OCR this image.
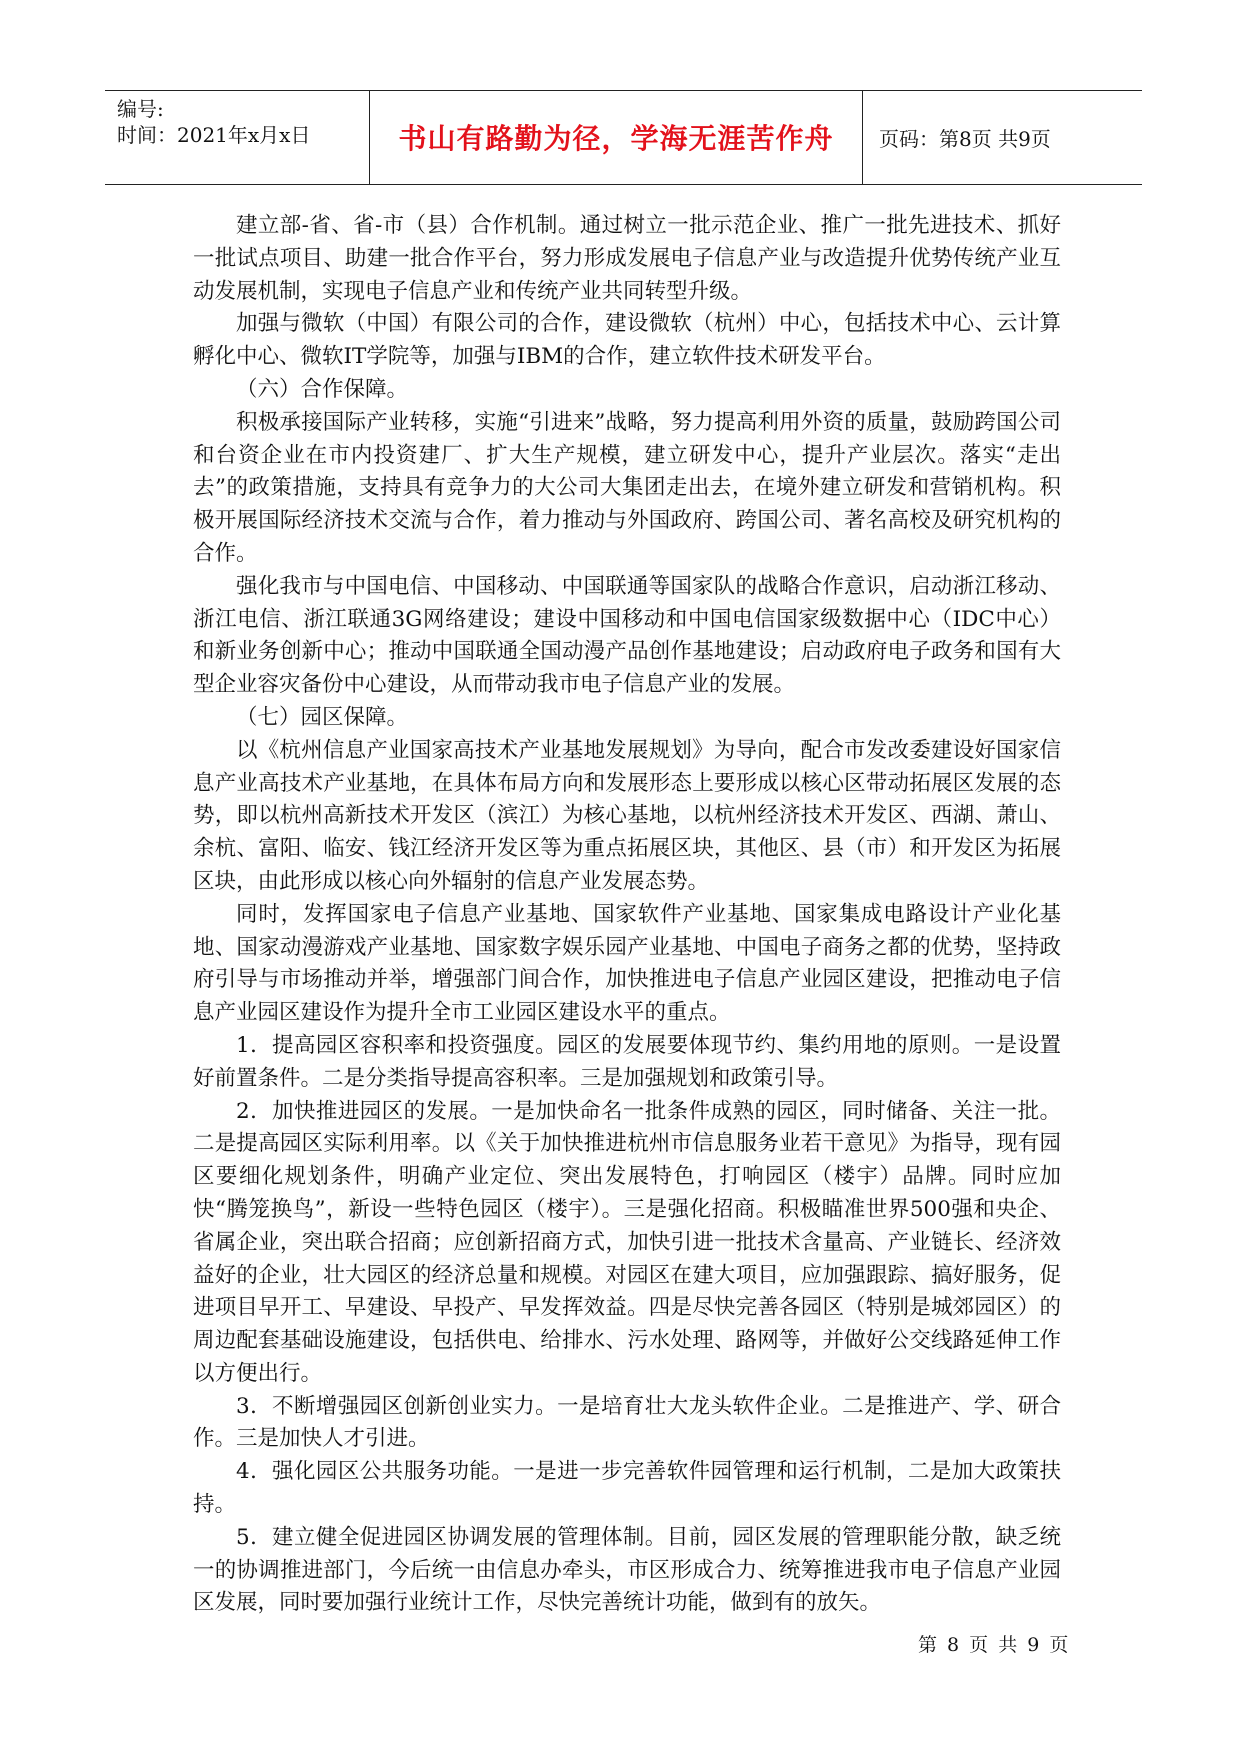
编号:
时间：2021年x月x日	书山有路勤为径，学海无涯苦作舟	页码：第8页 共9页

建立部-省、省-市（县）合作机制。通过树立一批示范企业、推广一批先进技术、抓好一批试点项目、助建一批合作平台，努力形成发展电子信息产业与改造提升优势传统产业互动发展机制，实现电子信息产业和传统产业共同转型升级。

加强与微软（中国）有限公司的合作，建设微软（杭州）中心，包括技术中心、云计算孵化中心、微软IT学院等，加强与IBM的合作，建立软件技术研发平台。

（六）合作保障。

积极承接国际产业转移，实施“引进来”战略，努力提高利用外资的质量，鼓励跨国公司和台资企业在市内投资建厂、扩大生产规模，建立研发中心，提升产业层次。落实“走出去”的政策措施，支持具有竞争力的大公司大集团走出去，在境外建立研发和营销机构。积极开展国际经济技术交流与合作，着力推动与外国政府、跨国公司、著名高校及研究机构的合作。

强化我市与中国电信、中国移动、中国联通等国家队的战略合作意识，启动浙江移动、浙江电信、浙江联通3G网络建设；建设中国移动和中国电信国家级数据中心（IDC中心）和新业务创新中心；推动中国联通全国动漫产品创作基地建设；启动政府电子政务和国有大型企业容灾备份中心建设，从而带动我市电子信息产业的发展。

（七）园区保障。

以《杭州信息产业国家高技术产业基地发展规划》为导向，配合市发改委建设好国家信息产业高技术产业基地，在具体布局方向和发展形态上要形成以核心区带动拓展区发展的态势，即以杭州高新技术开发区（滨江）为核心基地，以杭州经济技术开发区、西湖、萧山、余杭、富阳、临安、钱江经济开发区等为重点拓展区块，其他区、县（市）和开发区为拓展区块，由此形成以核心向外辐射的信息产业发展态势。

同时，发挥国家电子信息产业基地、国家软件产业基地、国家集成电路设计产业化基地、国家动漫游戏产业基地、国家数字娱乐园产业基地、中国电子商务之都的优势，坚持政府引导与市场推动并举，增强部门间合作，加快推进电子信息产业园区建设，把推动电子信息产业园区建设作为提升全市工业园区建设水平的重点。

1．提高园区容积率和投资强度。园区的发展要体现节约、集约用地的原则。一是设置好前置条件。二是分类指导提高容积率。三是加强规划和政策引导。

2．加快推进园区的发展。一是加快命名一批条件成熟的园区，同时储备、关注一批。二是提高园区实际利用率。以《关于加快推进杭州市信息服务业若干意见》为指导，现有园区要细化规划条件，明确产业定位、突出发展特色，打响园区（楼宇）品牌。同时应加快“腾笼换鸟”，新设一些特色园区（楼宇）。三是强化招商。积极瞄准世界500强和央企、省属企业，突出联合招商；应创新招商方式，加快引进一批技术含量高、产业链长、经济效益好的企业，壮大园区的经济总量和规模。对园区在建大项目，应加强跟踪、搞好服务，促进项目早开工、早建设、早投产、早发挥效益。四是尽快完善各园区（特别是城郊园区）的周边配套基础设施建设，包括供电、给排水、污水处理、路网等，并做好公交线路延伸工作以方便出行。

3．不断增强园区创新创业实力。一是培育壮大龙头软件企业。二是推进产、学、研合作。三是加快人才引进。

4．强化园区公共服务功能。一是进一步完善软件园管理和运行机制，二是加大政策扶持。

5．建立健全促进园区协调发展的管理体制。目前，园区发展的管理职能分散，缺乏统一的协调推进部门，今后统一由信息办牵头，市区形成合力、统筹推进我市电子信息产业园区发展，同时要加强行业统计工作，尽快完善统计功能，做到有的放矢。

第 8 页 共 9 页
